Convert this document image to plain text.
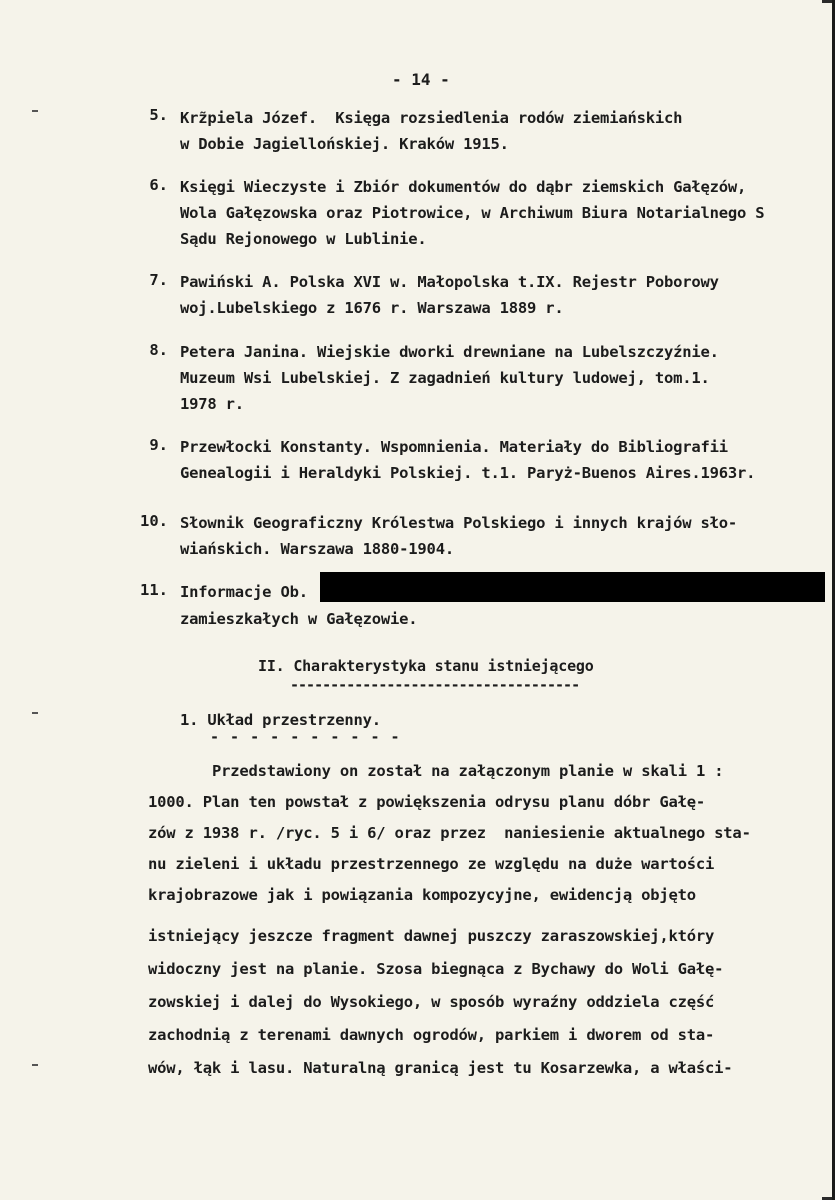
- 14 -
5. Krz̃piela Józef.  Księga rozsiedlenia rodów ziemiańskich
w Dobie Jagiellońskiej. Kraków 1915.
6. Księgi Wieczyste i Zbiór dokumentów do dąbr ziemskich Gałęzów,
Wola Gałęzowska oraz Piotrowice, w Archiwum Biura Notarialnego S
Sądu Rejonowego w Lublinie.
7. Pawiński A. Polska XVI w. Małopolska t.IX. Rejestr Poborowy
woj.Lubelskiego z 1676 r. Warszawa 1889 r.
8. Petera Janina. Wiejskie dworki drewniane na Lubelszczyźnie.
Muzeum Wsi Lubelskiej. Z zagadnień kultury ludowej, tom.1.
1978 r.
9. Przewłocki Konstanty. Wspomnienia. Materiały do Bibliografii
Genealogii i Heraldyki Polskiej. t.1. Paryż-Buenos Aires.1963r.
10. Słownik Geograficzny Królestwa Polskiego i innych krajów sło-
wiańskich. Warszawa 1880-1904.
11. Informacje Ob.
zamieszkałych w Gałęzowie.
II. Charakterystyka stanu istniejącego
------------------------------------
1. Układ przestrzenny.
- - - - - - - - - -
Przedstawiony on został na załączonym planie w skali 1 :
1000. Plan ten powstał z powiększenia odrysu planu dóbr Gałę-
zów z 1938 r. /ryc. 5 i 6/ oraz przez  naniesienie aktualnego sta-
nu zieleni i układu przestrzennego ze względu na duże wartości
krajobrazowe jak i powiązania kompozycyjne, ewidencją objęto
istniejący jeszcze fragment dawnej puszczy zaraszowskiej,który
widoczny jest na planie. Szosa biegnąca z Bychawy do Woli Gałę-
zowskiej i dalej do Wysokiego, w sposób wyraźny oddziela część
zachodnią z terenami dawnych ogrodów, parkiem i dworem od sta-
wów, łąk i lasu. Naturalną granicą jest tu Kosarzewka, a właści-
